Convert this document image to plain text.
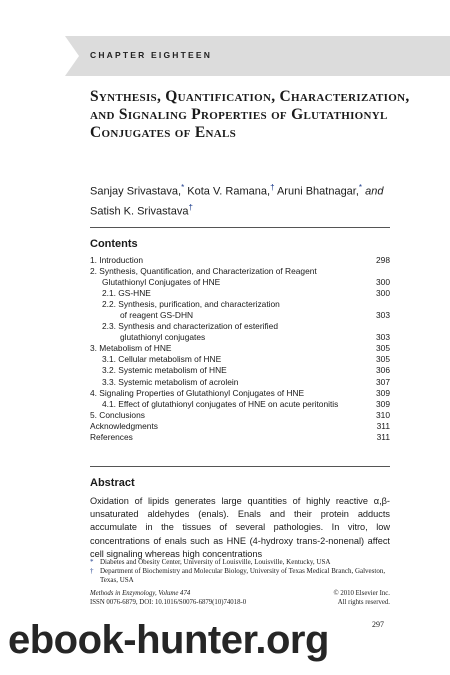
CHAPTER EIGHTEEN
Synthesis, Quantification, Characterization, and Signaling Properties of Glutathionyl Conjugates of Enals
Sanjay Srivastava,* Kota V. Ramana,† Aruni Bhatnagar,* and
Satish K. Srivastava†
Contents
1. Introduction	298
2. Synthesis, Quantification, and Characterization of Reagent
Glutathionyl Conjugates of HNE	300
2.1. GS-HNE	300
2.2. Synthesis, purification, and characterization
of reagent GS-DHN	303
2.3. Synthesis and characterization of esterified
glutathionyl conjugates	303
3. Metabolism of HNE	305
3.1. Cellular metabolism of HNE	305
3.2. Systemic metabolism of HNE	306
3.3. Systemic metabolism of acrolein	307
4. Signaling Properties of Glutathionyl Conjugates of HNE	309
4.1. Effect of glutathionyl conjugates of HNE on acute peritonitis	309
5. Conclusions	310
Acknowledgments	311
References	311
Abstract
Oxidation of lipids generates large quantities of highly reactive α,β-unsaturated aldehydes (enals). Enals and their protein adducts accumulate in the tissues of several pathologies. In vitro, low concentrations of enals such as HNE (4-hydroxy trans-2-nonenal) affect cell signaling whereas high concentrations
* Diabetes and Obesity Center, University of Louisville, Louisville, Kentucky, USA
† Department of Biochemistry and Molecular Biology, University of Texas Medical Branch, Galveston, Texas, USA
Methods in Enzymology, Volume 474	© 2010 Elsevier Inc.
ISSN 0076-6879, DOI: 10.1016/S0076-6879(10)74018-0	All rights reserved.
297
ebook-hunter.org
